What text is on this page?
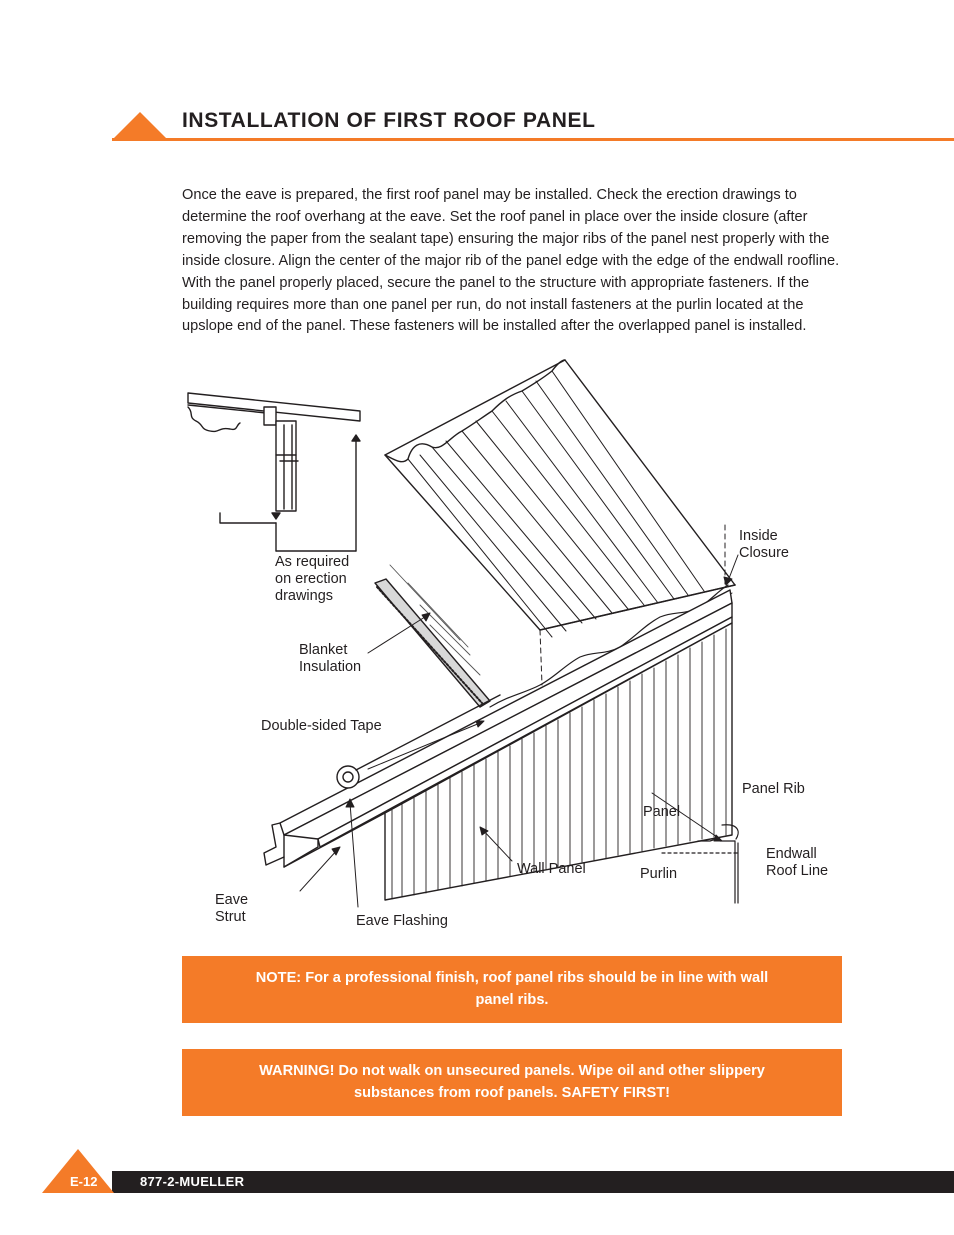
INSTALLATION OF FIRST ROOF PANEL

Once the eave is prepared, the first roof panel may be installed. Check the erection drawings to determine the roof overhang at the eave. Set the roof panel in place over the inside closure (after removing the paper from the sealant tape) ensuring the major ribs of the panel nest properly with the inside closure. Align the center of the major rib of the panel edge with the edge of the endwall roofline. With the panel properly placed, secure the panel to the structure with appropriate fasteners. If the building requires more than one panel per run, do not install fasteners at the purlin located at the upslope end of the panel. These fasteners will be installed after the overlapped panel is installed.

As required
on erection
drawings
Inside
Closure
Blanket
Insulation
Double-sided Tape
Panel Rib
Panel
Endwall
Roof Line
Purlin
Wall Panel
Eave
Strut	Eave Flashing
NOTE: For a professional finish, roof panel ribs should be in line with wall panel ribs.
WARNING! Do not walk on unsecured panels. Wipe oil and other slippery substances from roof panels. SAFETY FIRST!
E-12	877-2-MUELLER
